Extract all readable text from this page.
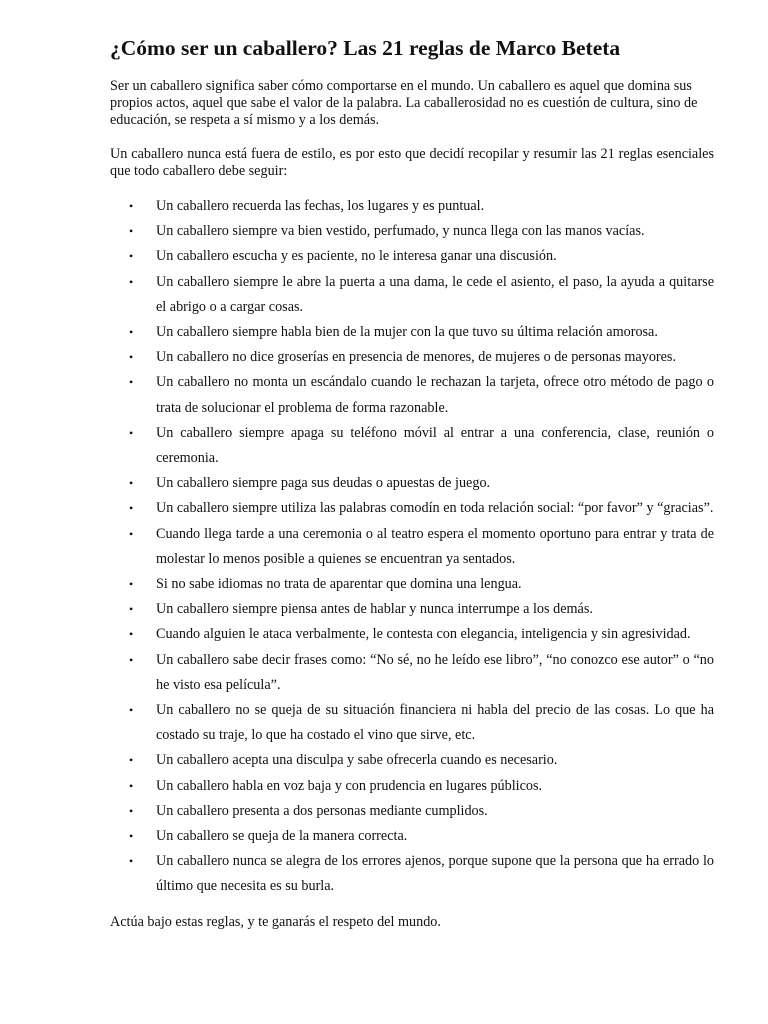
¿Cómo ser un caballero? Las 21 reglas de Marco Beteta

Ser un caballero significa saber cómo comportarse en el mundo. Un caballero es aquel que domina sus propios actos, aquel que sabe el valor de la palabra. La caballerosidad no es cuestión de cultura, sino de educación, se respeta a sí mismo y a los demás.

Un caballero nunca está fuera de estilo, es por esto que decidí recopilar y resumir las 21 reglas esenciales que todo caballero debe seguir:

• Un caballero recuerda las fechas, los lugares y es puntual.
• Un caballero siempre va bien vestido, perfumado, y nunca llega con las manos vacías.
• Un caballero escucha y es paciente, no le interesa ganar una discusión.
• Un caballero siempre le abre la puerta a una dama, le cede el asiento, el paso, la ayuda a quitarse el abrigo o a cargar cosas.
• Un caballero siempre habla bien de la mujer con la que tuvo su última relación amorosa.
• Un caballero no dice groserías en presencia de menores, de mujeres o de personas mayores.
• Un caballero no monta un escándalo cuando le rechazan la tarjeta, ofrece otro método de pago o trata de solucionar el problema de forma razonable.
• Un caballero siempre apaga su teléfono móvil al entrar a una conferencia, clase, reunión o ceremonia.
• Un caballero siempre paga sus deudas o apuestas de juego.
• Un caballero siempre utiliza las palabras comodín en toda relación social: “por favor” y “gracias”.
• Cuando llega tarde a una ceremonia o al teatro espera el momento oportuno para entrar y trata de molestar lo menos posible a quienes se encuentran ya sentados.
• Si no sabe idiomas no trata de aparentar que domina una lengua.
• Un caballero siempre piensa antes de hablar y nunca interrumpe a los demás.
• Cuando alguien le ataca verbalmente, le contesta con elegancia, inteligencia y sin agresividad.
• Un caballero sabe decir frases como: “No sé, no he leído ese libro”, “no conozco ese autor” o “no he visto esa película”.
• Un caballero no se queja de su situación financiera ni habla del precio de las cosas. Lo que ha costado su traje, lo que ha costado el vino que sirve, etc.
• Un caballero acepta una disculpa y sabe ofrecerla cuando es necesario.
• Un caballero habla en voz baja y con prudencia en lugares públicos.
• Un caballero presenta a dos personas mediante cumplidos.
• Un caballero se queja de la manera correcta.
• Un caballero nunca se alegra de los errores ajenos, porque supone que la persona que ha errado lo último que necesita es su burla.

Actúa bajo estas reglas, y te ganarás el respeto del mundo.
